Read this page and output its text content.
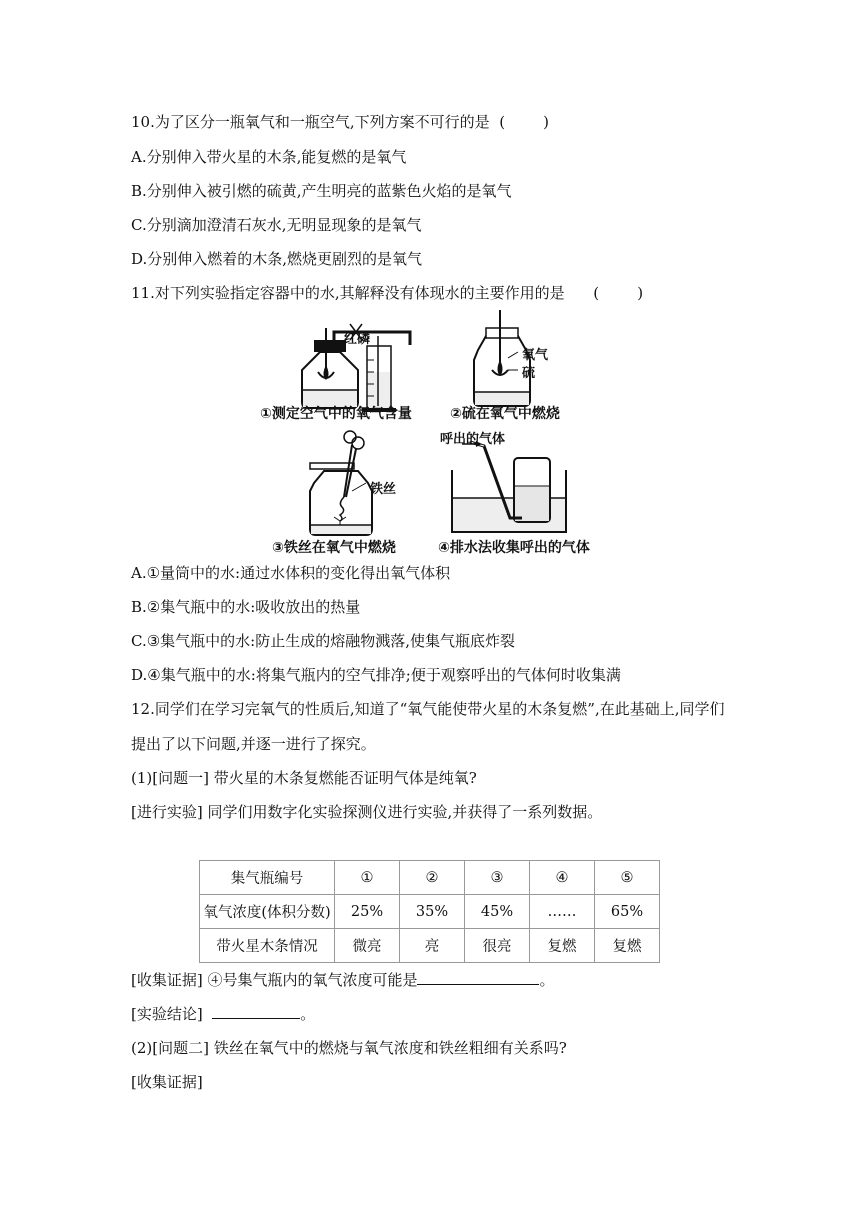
10.为了区分一瓶氧气和一瓶空气,下列方案不可行的是 (        )
A.分别伸入带火星的木条,能复燃的是氧气
B.分别伸入被引燃的硫黄,产生明亮的蓝紫色火焰的是氧气
C.分别滴加澄清石灰水,无明显现象的是氧气
D.分别伸入燃着的木条,燃烧更剧烈的是氧气
11.对下列实验指定容器中的水,其解释没有体现水的主要作用的是 (        )
红磷
①测定空气中的氧气含量
氧气
硫
②硫在氧气中燃烧
铁丝
③铁丝在氧气中燃烧
呼出的气体
④排水法收集呼出的气体
A.①量筒中的水:通过水体积的变化得出氧气体积
B.②集气瓶中的水:吸收放出的热量
C.③集气瓶中的水:防止生成的熔融物溅落,使集气瓶底炸裂
D.④集气瓶中的水:将集气瓶内的空气排净;便于观察呼出的气体何时收集满
12.同学们在学习完氧气的性质后,知道了“氧气能使带火星的木条复燃”,在此基础上,同学们
提出了以下问题,并逐一进行了探究。
(1)[问题一] 带火星的木条复燃能否证明气体是纯氧?
[进行实验] 同学们用数字化实验探测仪进行实验,并获得了一系列数据。
集气瓶编号	①	②	③	④	⑤
氧气浓度(体积分数)	25%	35%	45%	……	65%
带火星木条情况	微亮	亮	很亮	复燃	复燃
[收集证据] ④号集气瓶内的氧气浓度可能是	。
[实验结论]	。
(2)[问题二] 铁丝在氧气中的燃烧与氧气浓度和铁丝粗细有关系吗?
[收集证据]
